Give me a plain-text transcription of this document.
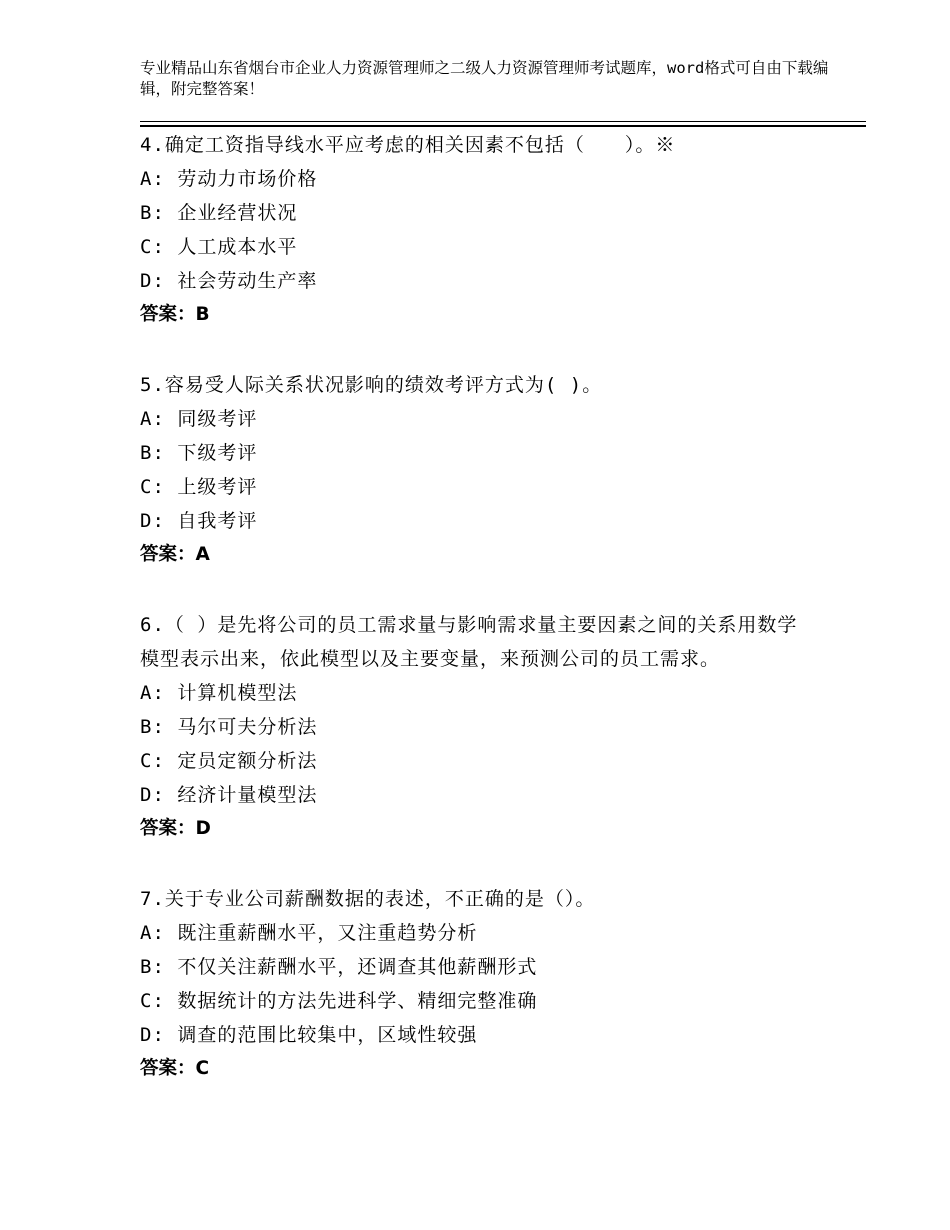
专业精品山东省烟台市企业人力资源管理师之二级人力资源管理师考试题库，word格式可自由下载编辑，附完整答案！
4.确定工资指导线水平应考虑的相关因素不包括（　　）。※
A: 劳动力市场价格
B: 企业经营状况
C: 人工成本水平
D: 社会劳动生产率
答案：B
5.容易受人际关系状况影响的绩效考评方式为( )。
A: 同级考评
B: 下级考评
C: 上级考评
D: 自我考评
答案：A
6.（ ）是先将公司的员工需求量与影响需求量主要因素之间的关系用数学模型表示出来，依此模型以及主要变量，来预测公司的员工需求。
A: 计算机模型法
B: 马尔可夫分析法
C: 定员定额分析法
D: 经济计量模型法
答案：D
7.关于专业公司薪酬数据的表述，不正确的是（）。
A: 既注重薪酬水平，又注重趋势分析
B: 不仅关注薪酬水平，还调查其他薪酬形式
C: 数据统计的方法先进科学、精细完整准确
D: 调查的范围比较集中，区域性较强
答案：C
